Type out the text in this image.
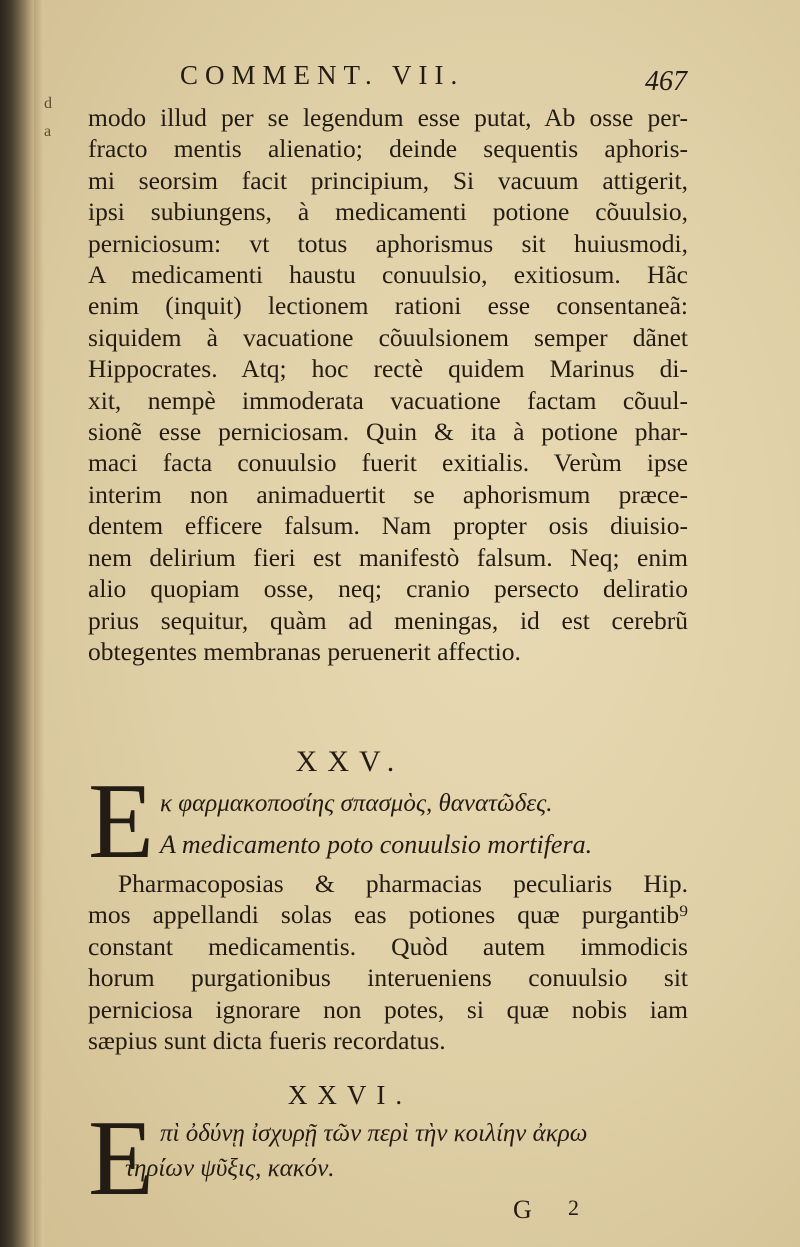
d
a
COMMENT. VII.	467
modo illud per se legendum esse putat, Ab osse per-
fracto mentis alienatio; deinde sequentis aphoris-
mi seorsim facit principium, Si vacuum attigerit,
ipsi subiungens, à medicamenti potione cõuulsio,
perniciosum: vt totus aphorismus sit huiusmodi,
A medicamenti haustu conuulsio, exitiosum. Hãc
enim (inquit) lectionem rationi esse consentaneã:
siquidem à vacuatione cõuulsionem semper dãnet
Hippocrates. Atq; hoc rectè quidem Marinus di-
xit, nempè immoderata vacuatione factam cõuul-
sionẽ esse perniciosam. Quin & ita à potione phar-
maci facta conuulsio fuerit exitialis. Verùm ipse
interim non animaduertit se aphorismum præce-
dentem efficere falsum. Nam propter osis diuisio-
nem delirium fieri est manifestò falsum. Neq; enim
alio quopiam osse, neq; cranio persecto deliratio
prius sequitur, quàm ad meningas, id est cerebrũ
obtegentes membranas peruenerit affectio.
XXV.
E κ φαρμακοποσίης σπασμὸς, θανατῶδες.
A medicamento poto conuulsio mortifera.
Pharmacoposias & pharmacias peculiaris Hip.
mos appellandi solas eas potiones quæ purgantib⁹
constant medicamentis. Quòd autem immodicis
horum purgationibus interueniens conuulsio sit
perniciosa ignorare non potes, si quæ nobis iam
sæpius sunt dicta fueris recordatus.
XXVI.
E πὶ ὀδύνῃ ἰσχυρῇ τῶν περὶ τὴν κοιλίην ἀκρω
τηρίων ψῦξις, κακόν.
G 2
